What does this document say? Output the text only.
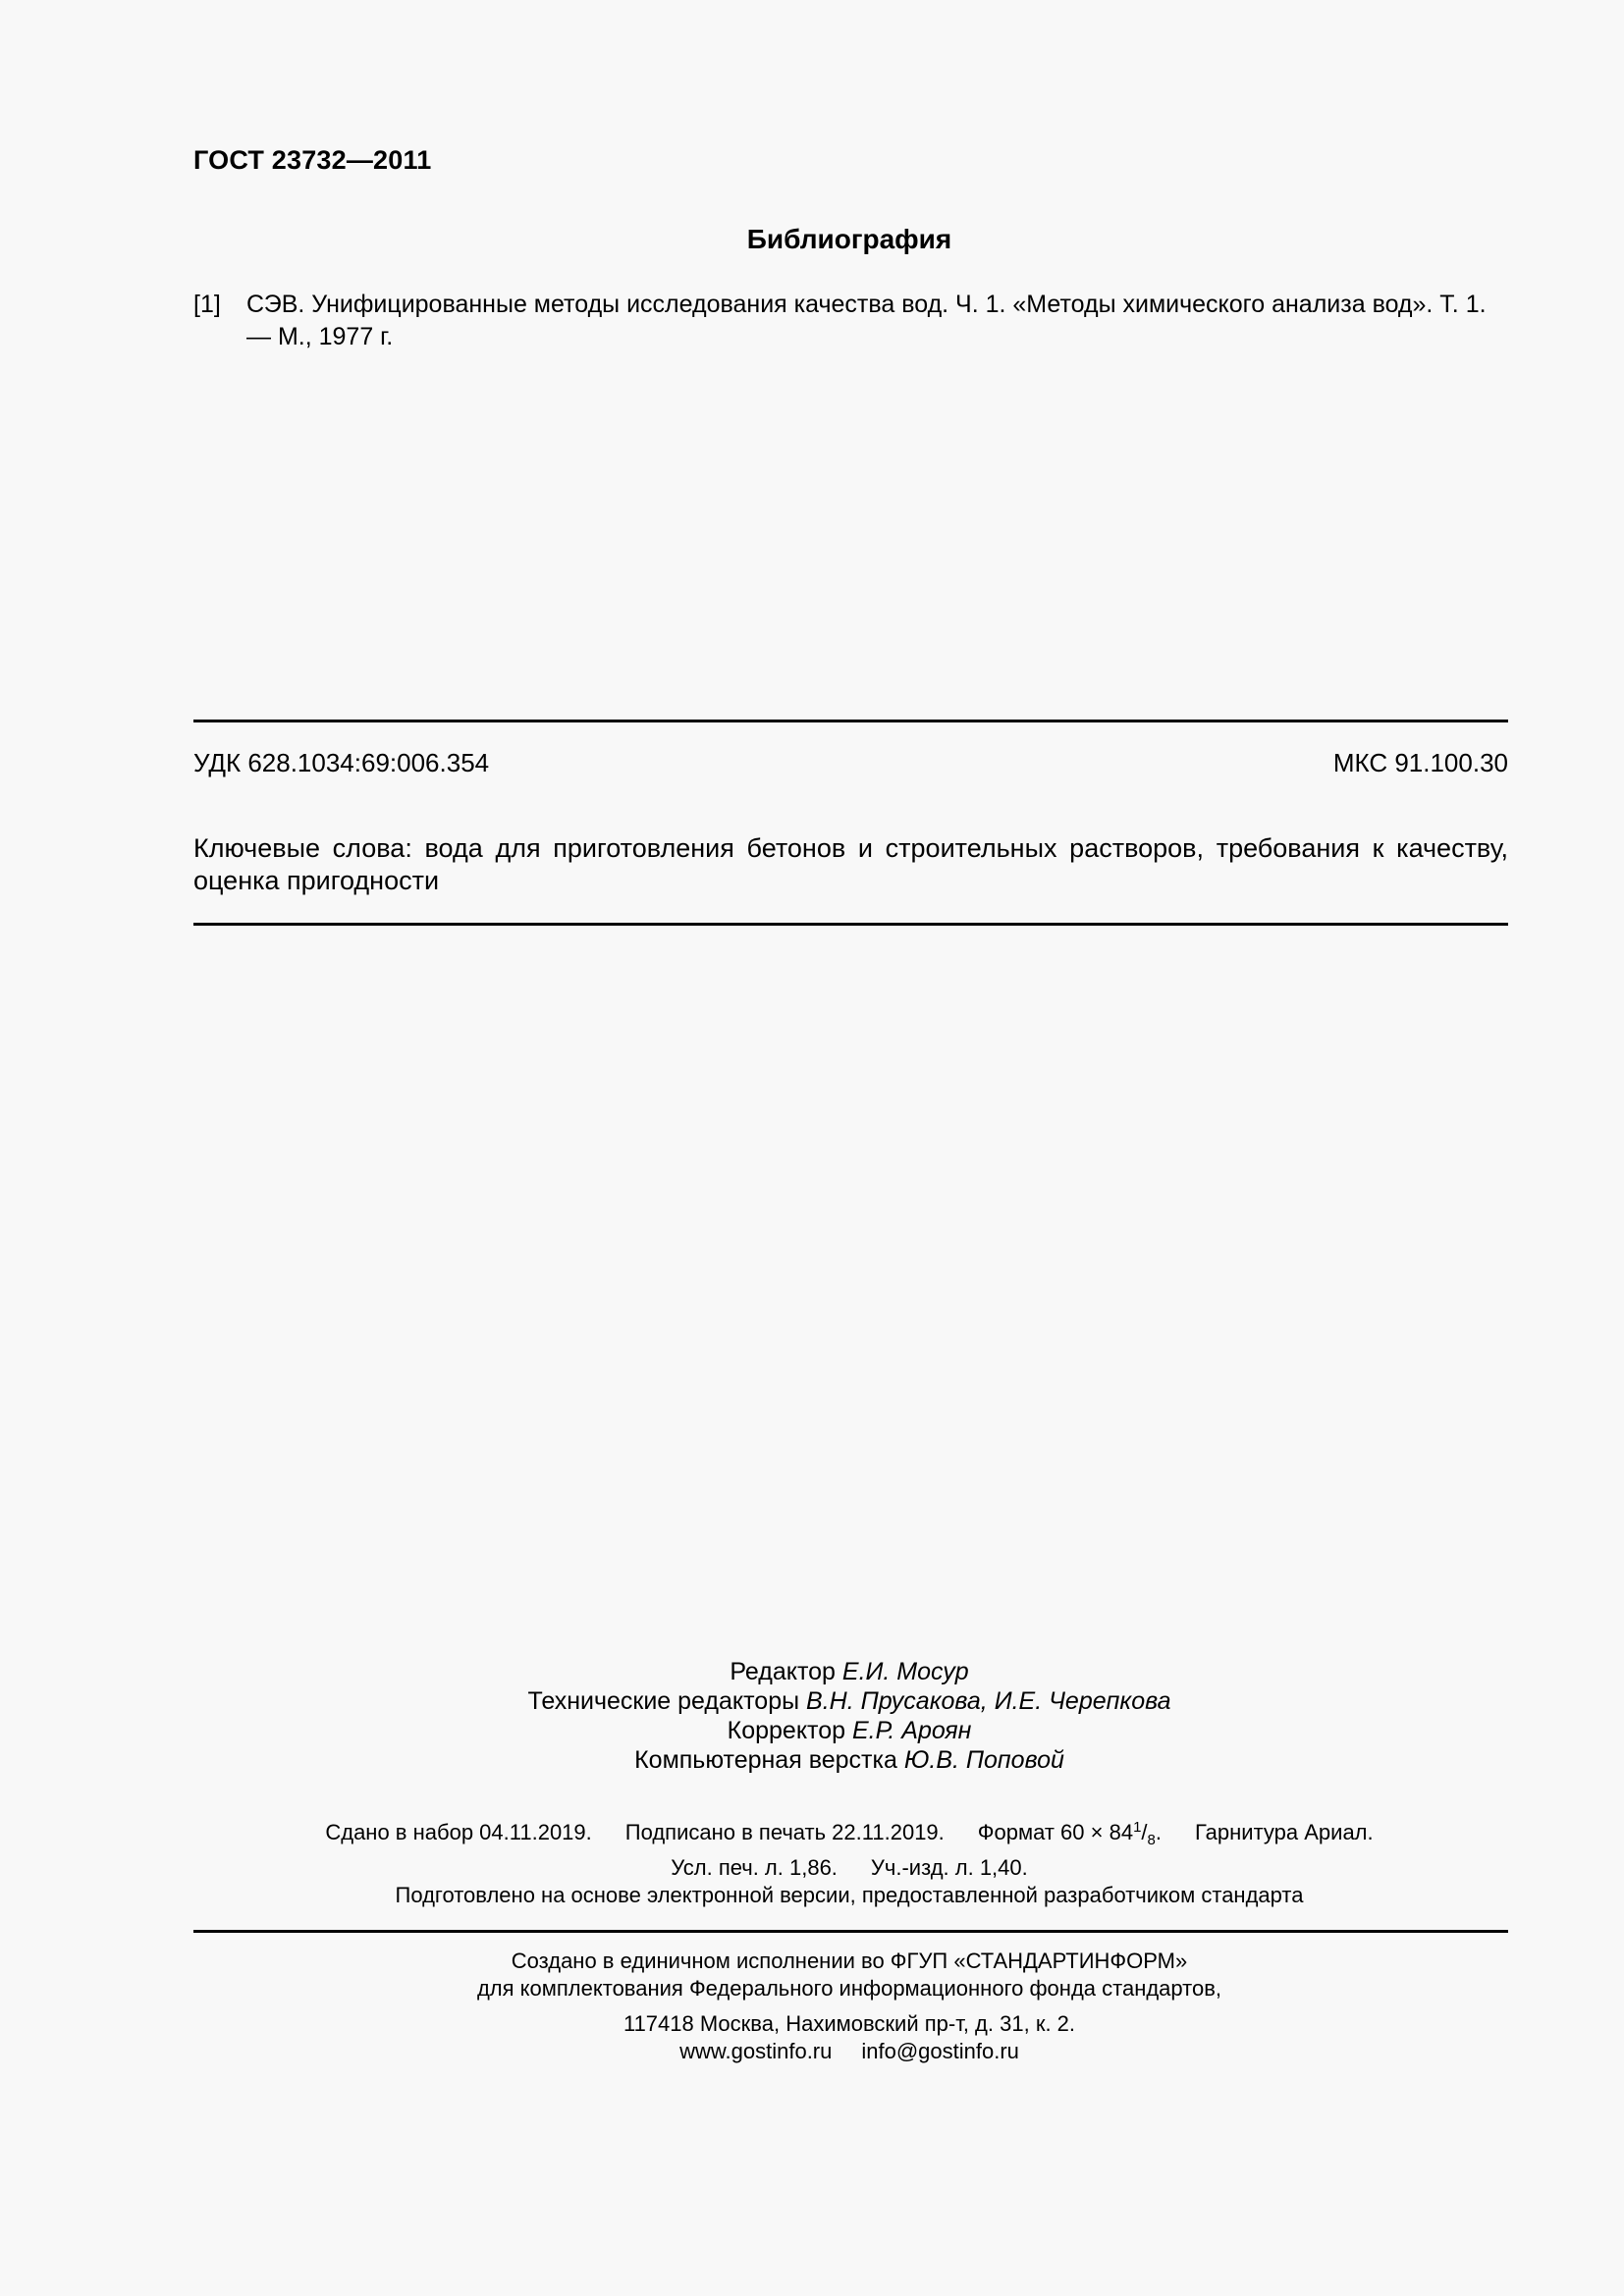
ГОСТ 23732—2011
Библиография
[1]	СЭВ. Унифицированные методы исследования качества вод. Ч. 1. «Методы химического анализа вод». Т. 1. — М., 1977 г.
УДК 628.1034:69:006.354	МКС 91.100.30
Ключевые слова: вода для приготовления бетонов и строительных растворов, требования к качеству, оценка пригодности
Редактор Е.И. Мосур
Технические редакторы В.Н. Прусакова, И.Е. Черепкова
Корректор Е.Р. Ароян
Компьютерная верстка Ю.В. Поповой
Сдано в набор 04.11.2019. Подписано в печать 22.11.2019. Формат $60 \times 84^1/_8$. Гарнитура Ариал.
Усл. печ. л. 1,86. Уч.-изд. л. 1,40.
Подготовлено на основе электронной версии, предоставленной разработчиком стандарта
Создано в единичном исполнении во ФГУП «СТАНДАРТИНФОРМ»
для комплектования Федерального информационного фонда стандартов,
117418 Москва, Нахимовский пр-т, д. 31, к. 2.
www.gostinfo.ru info@gostinfo.ru
